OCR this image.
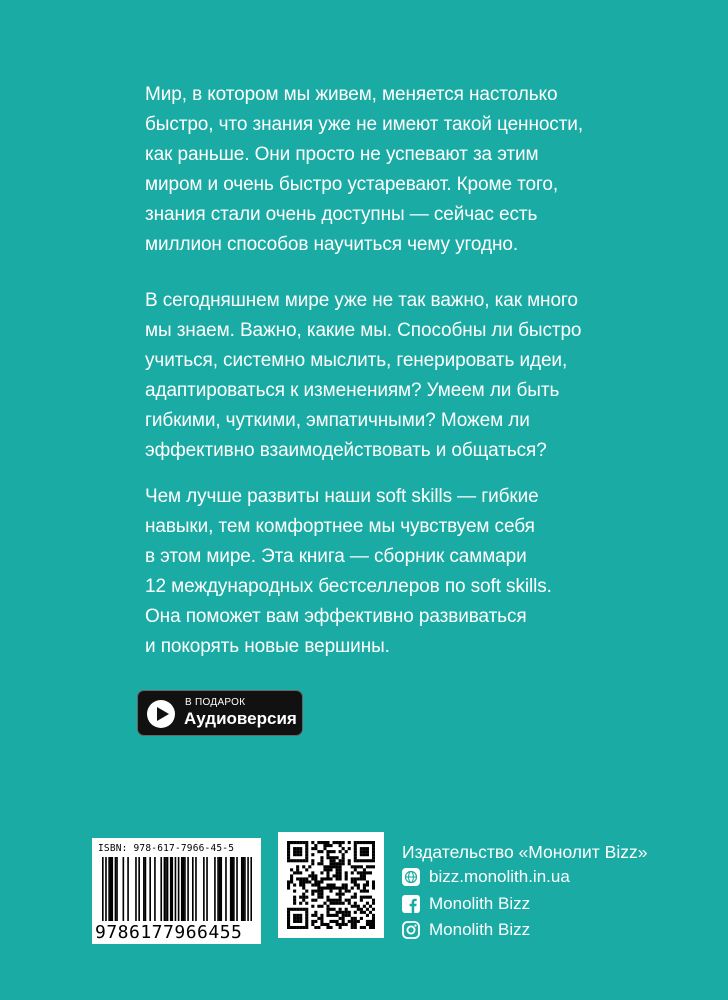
Мир, в котором мы живем, меняется настолько
быстро, что знания уже не имеют такой ценности,
как раньше. Они просто не успевают за этим
миром и очень быстро устаревают. Кроме того,
знания стали очень доступны — сейчас есть
миллион способов научиться чему угодно.

В сегодняшнем мире уже не так важно, как много
мы знаем. Важно, какие мы. Способны ли быстро
учиться, системно мыслить, генерировать идеи,
адаптироваться к изменениям? Умеем ли быть
гибкими, чуткими, эмпатичными? Можем ли
эффективно взаимодействовать и общаться?

Чем лучше развиты наши soft skills — гибкие
навыки, тем комфортнее мы чувствуем себя
в этом мире. Эта книга — сборник саммари
12 международных бестселлеров по soft skills.
Она поможет вам эффективно развиваться
и покорять новые вершины.

В ПОДАРОК
Аудиоверсия
ISBN: 978-617-7966-45-5
9786177966455
Издательство «Монолит Bizz»
bizz.monolith.in.ua
Monolith Bizz
Monolith Bizz
